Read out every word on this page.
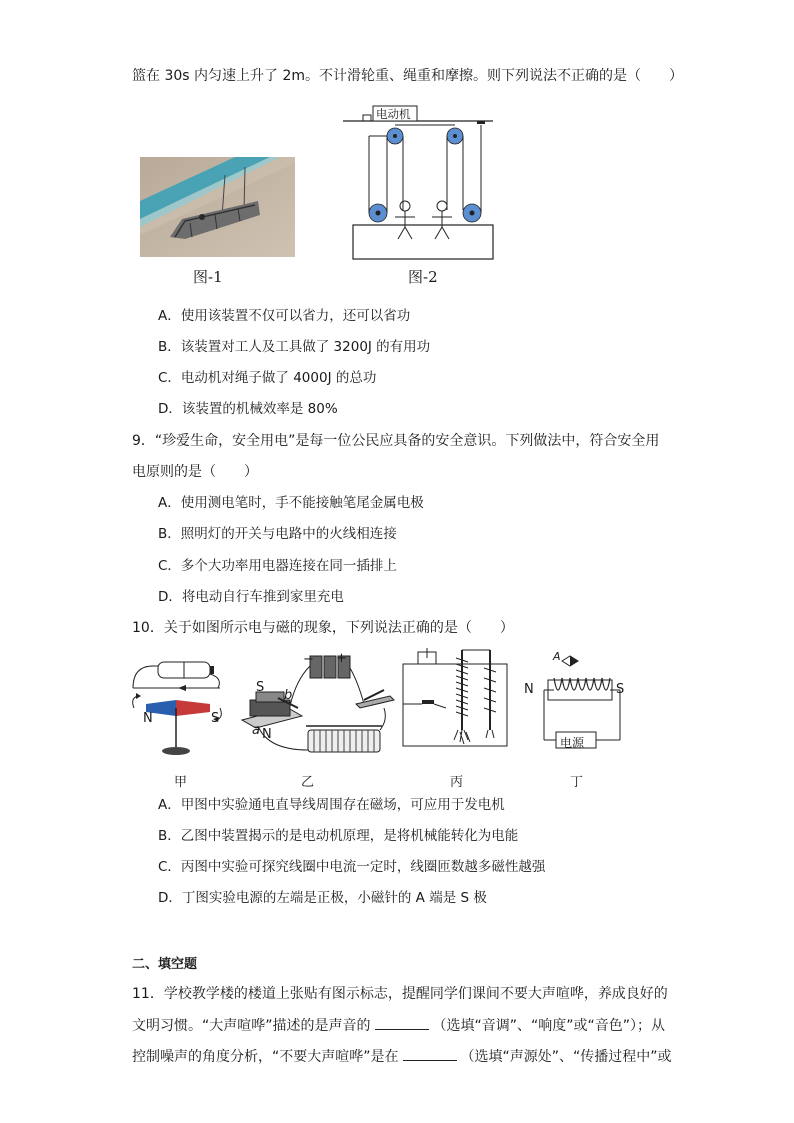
篮在 30s 内匀速上升了 2m。不计滑轮重、绳重和摩擦。则下列说法不正确的是（　　）
图-1
电动机
图-2
A．使用该装置不仅可以省力，还可以省功
B．该装置对工人及工具做了 3200J 的有用功
C．电动机对绳子做了 4000J 的总功
D．该装置的机械效率是 80%
9．“珍爱生命，安全用电”是每一位公民应具备的安全意识。下列做法中，符合安全用
电原则的是（　　）
A．使用测电笔时，手不能接触笔尾金属电极
B．照明灯的开关与电路中的火线相连接
C．多个大功率用电器连接在同一插排上
D．将电动自行车推到家里充电
10．关于如图所示电与磁的现象，下列说法正确的是（　　）
N	S
S
N
a
b
− +	A
N	S
电源
甲	乙	丙	丁
A．甲图中实验通电直导线周围存在磁场，可应用于发电机
B．乙图中装置揭示的是电动机原理，是将机械能转化为电能
C．丙图中实验可探究线圈中电流一定时，线圈匝数越多磁性越强
D．丁图实验电源的左端是正极，小磁针的 A 端是 S 极
二、填空题
11．学校教学楼的楼道上张贴有图示标志，提醒同学们课间不要大声喧哗，养成良好的
文明习惯。“大声喧哗”描述的是声音的	（选填“音调”、“响度”或“音色”）；从
控制噪声的角度分析，“不要大声喧哗”是在	（选填“声源处”、“传播过程中”或
